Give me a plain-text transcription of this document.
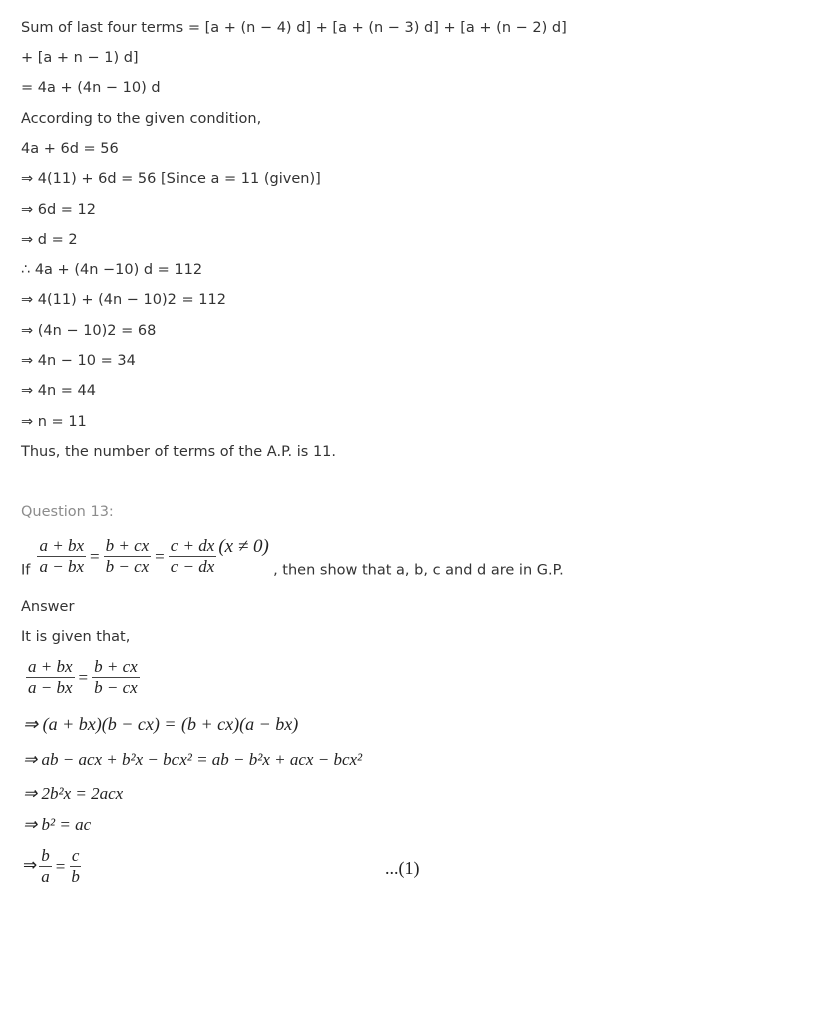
Sum of last four terms = [a + (n − 4) d] + [a + (n − 3) d] + [a + (n − 2) d]
+ [a + n − 1) d]
= 4a + (4n − 10) d
According to the given condition,
4a + 6d = 56
⇒ 4(11) + 6d = 56 [Since a = 11 (given)]
⇒ 6d = 12
⇒ d = 2
∴ 4a + (4n −10) d = 112
⇒ 4(11) + (4n − 10)2 = 112
⇒ (4n − 10)2 = 68
⇒ 4n − 10 = 34
⇒ 4n = 44
⇒ n = 11
Thus, the number of terms of the A.P. is 11.
Question 13:
If $\frac{a + bx}{a - bx} = \frac{b + cx}{b - cx} = \frac{c + dx}{c - dx} (x \ne 0)$ , then show that a, b, c and d are in G.P.
Answer
It is given that,
$\frac{a + bx}{a - bx} = \frac{b + cx}{b - cx}$
⇒ (a + bx)(b − cx) = (b + cx)(a − bx)
⇒ ab − acx + b²x − bcx² = ab − b²x + acx − bcx²
⇒ 2b²x = 2acx
⇒ b² = ac
⇒ $\frac{b}{a} = \frac{c}{b}$	...(1)
